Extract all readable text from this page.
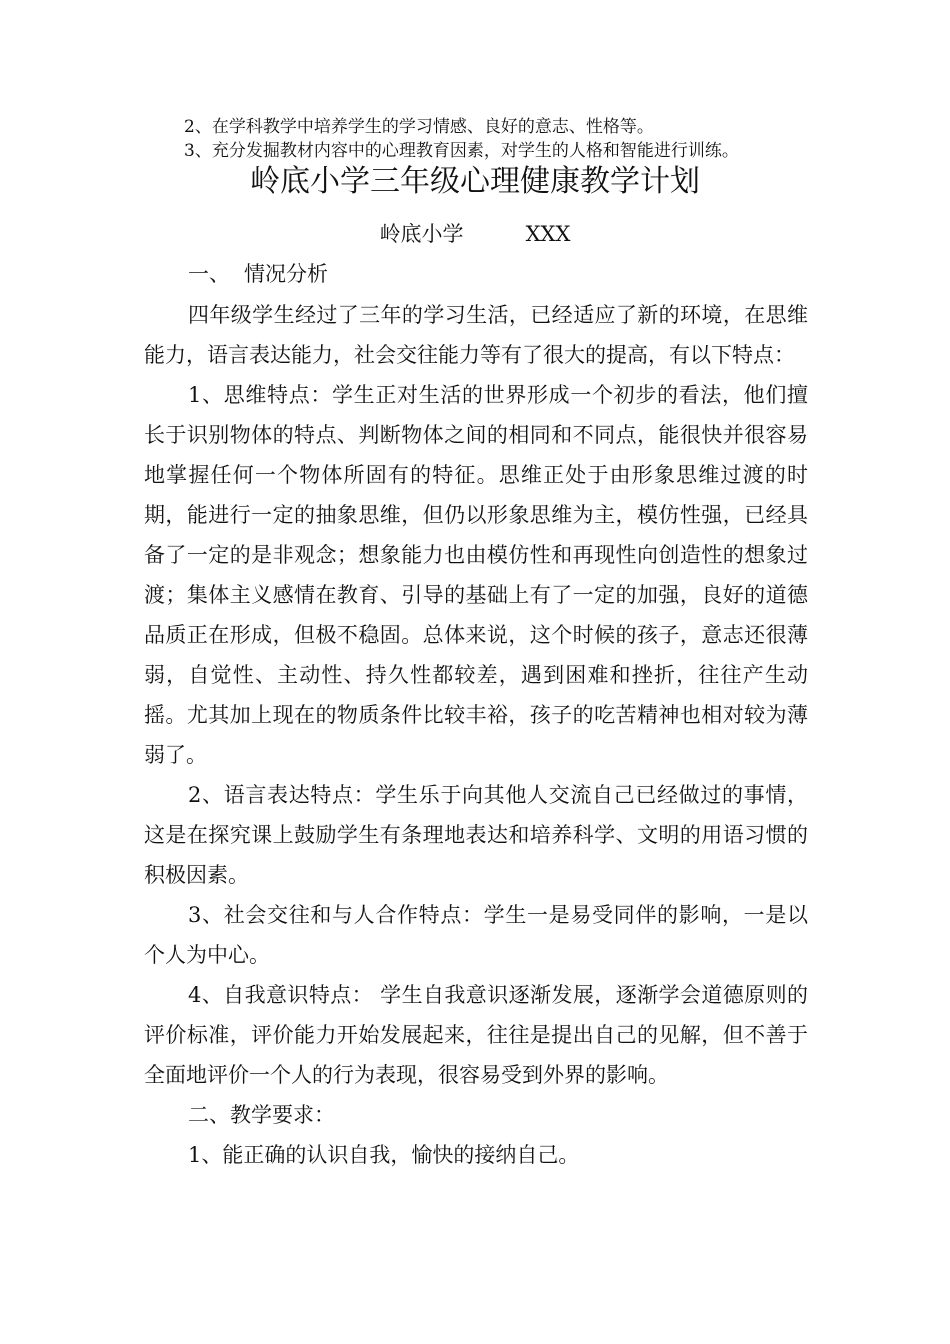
2、在学科教学中培养学生的学习情感、良好的意志、性格等。
3、充分发掘教材内容中的心理教育因素，对学生的人格和智能进行训练。
岭底小学三年级心理健康教学计划
岭底小学	XXX
一、 情况分析

四年级学生经过了三年的学习生活，已经适应了新的环境，在思维能力，语言表达能力，社会交往能力等有了很大的提高，有以下特点：

1、思维特点：学生正对生活的世界形成一个初步的看法，他们擅长于识别物体的特点、判断物体之间的相同和不同点，能很快并很容易地掌握任何一个物体所固有的特征。思维正处于由形象思维过渡的时期，能进行一定的抽象思维，但仍以形象思维为主，模仿性强，已经具备了一定的是非观念；想象能力也由模仿性和再现性向创造性的想象过渡；集体主义感情在教育、引导的基础上有了一定的加强，良好的道德品质正在形成，但极不稳固。总体来说，这个时候的孩子，意志还很薄弱，自觉性、主动性、持久性都较差，遇到困难和挫折，往往产生动摇。尤其加上现在的物质条件比较丰裕，孩子的吃苦精神也相对较为薄弱了。

2、语言表达特点：学生乐于向其他人交流自己已经做过的事情，这是在探究课上鼓励学生有条理地表达和培养科学、文明的用语习惯的积极因素。

3、社会交往和与人合作特点：学生一是易受同伴的影响，一是以个人为中心。

4、自我意识特点： 学生自我意识逐渐发展，逐渐学会道德原则的评价标准，评价能力开始发展起来，往往是提出自己的见解，但不善于全面地评价一个人的行为表现，很容易受到外界的影响。

二、教学要求：

1、能正确的认识自我，愉快的接纳自己。
